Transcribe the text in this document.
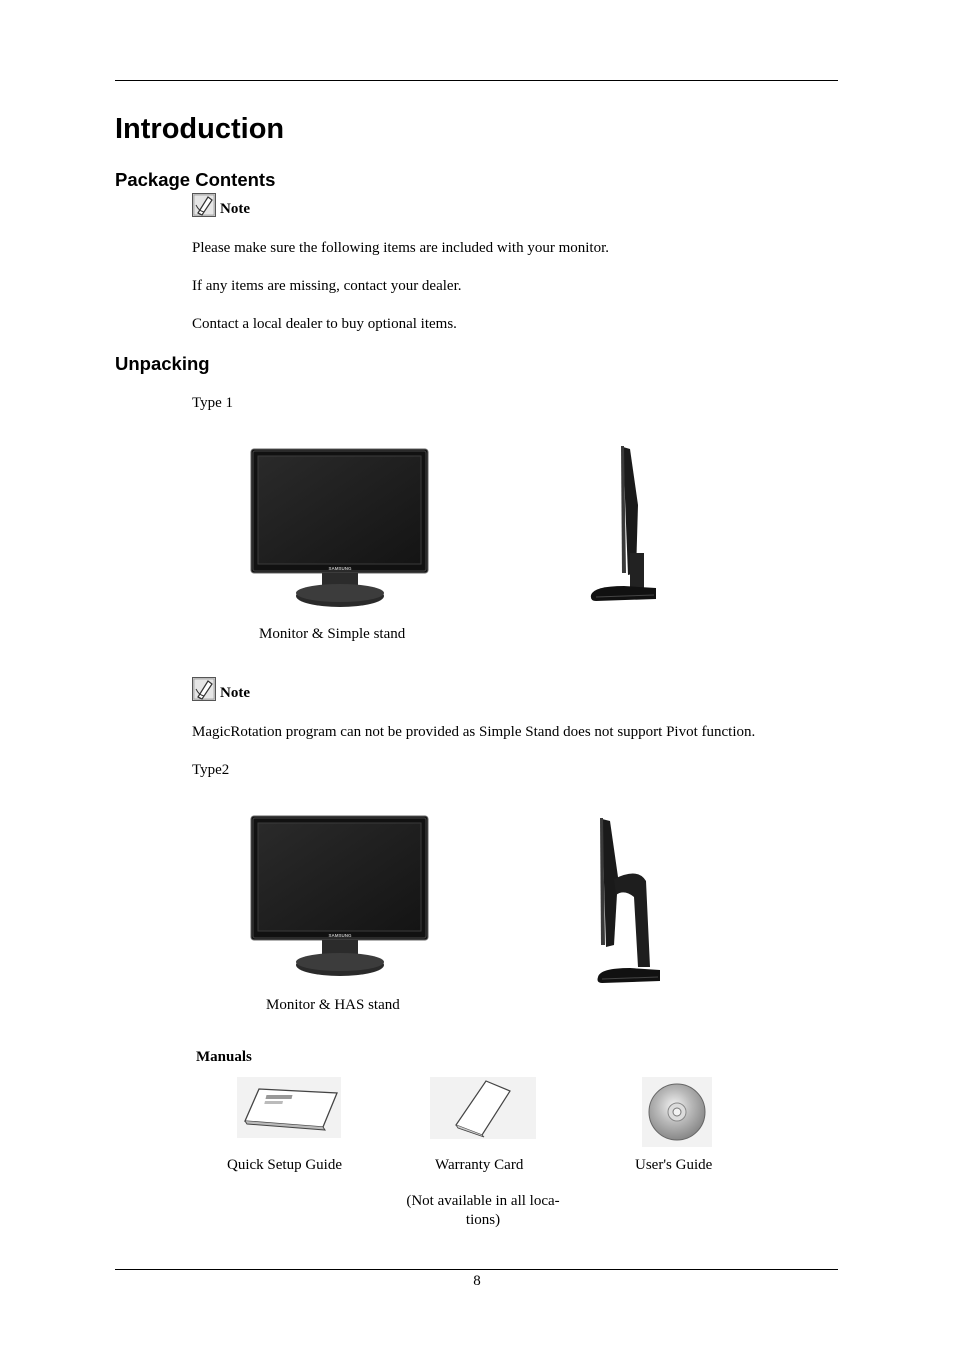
Introduction
Package Contents
Note

Please make sure the following items are included with your monitor.

If any items are missing, contact your dealer.

Contact a local dealer to buy optional items.

Unpacking

Type 1

SAMSUNG
Monitor & Simple stand
Note

MagicRotation program can not be provided as Simple Stand does not support Pivot function.

Type2

SAMSUNG
Monitor & HAS stand
Manuals
Quick Setup Guide	Warranty Card	User's Guide
(Not available in all loca-
tions)
8
